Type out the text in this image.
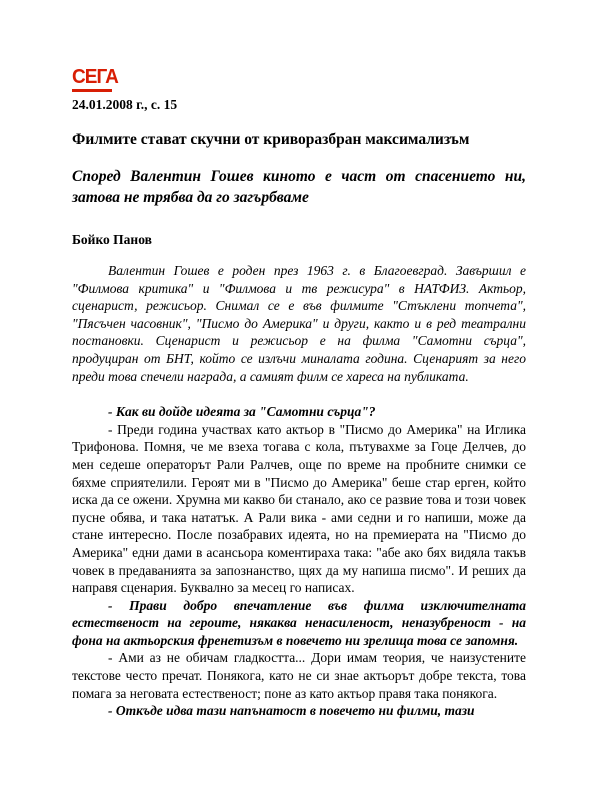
СЕГА
24.01.2008 г., с. 15
Филмите стават скучни от криворазбран максимализъм
Според Валентин Гошев киното е част от спасението ни, затова не трябва да го загърбваме
Бойко Панов

Валентин Гошев е роден през 1963 г. в Благоевград. Завършил е "Филмова критика" и "Филмова и тв режисура" в НАТФИЗ. Актьор, сценарист, режисьор. Снимал се е във филмите "Стъклени топчета", "Пясъчен часовник", "Писмо до Америка" и други, както и в ред театрални постановки. Сценарист и режисьор е на филма "Самотни сърца", продуциран от БНТ, който се излъчи миналата година. Сценарият за него преди това спечели награда, а самият филм се хареса на публиката.

- Как ви дойде идеята за "Самотни сърца"?

- Преди година участвах като актьор в "Писмо до Америка" на Иглика Трифонова. Помня, че ме взеха тогава с кола, пътувахме за Гоце Делчев, до мен седеше операторът Рали Ралчев, още по време на пробните снимки се бяхме сприятелили. Героят ми в "Писмо до Америка" беше стар ерген, който иска да се ожени. Хрумна ми какво би станало, ако се развие това и този човек пусне обява, и така нататък. А Рали вика - ами седни и го напиши, може да стане интересно. После позабравих идеята, но на премиерата на "Писмо до Америка" едни дами в асансьора коментираха така: "абе ако бях видяла такъв човек в предаванията за запознанство, щях да му напиша писмо". И реших да направя сценария. Буквално за месец го написах.

- Прави добро впечатление във филма изключителната естественост на героите, някаква ненасиленост, неназубреност - на фона на актьорския френетизъм в повечето ни зрелища това се запомня.

- Ами аз не обичам гладкостта... Дори имам теория, че наизустените текстове често пречат. Понякога, като не си знае актьорът добре текста, това помага за неговата естественост; поне аз като актьор правя така понякога.

- Откъде идва тази напънатост в повечето ни филми, тази
